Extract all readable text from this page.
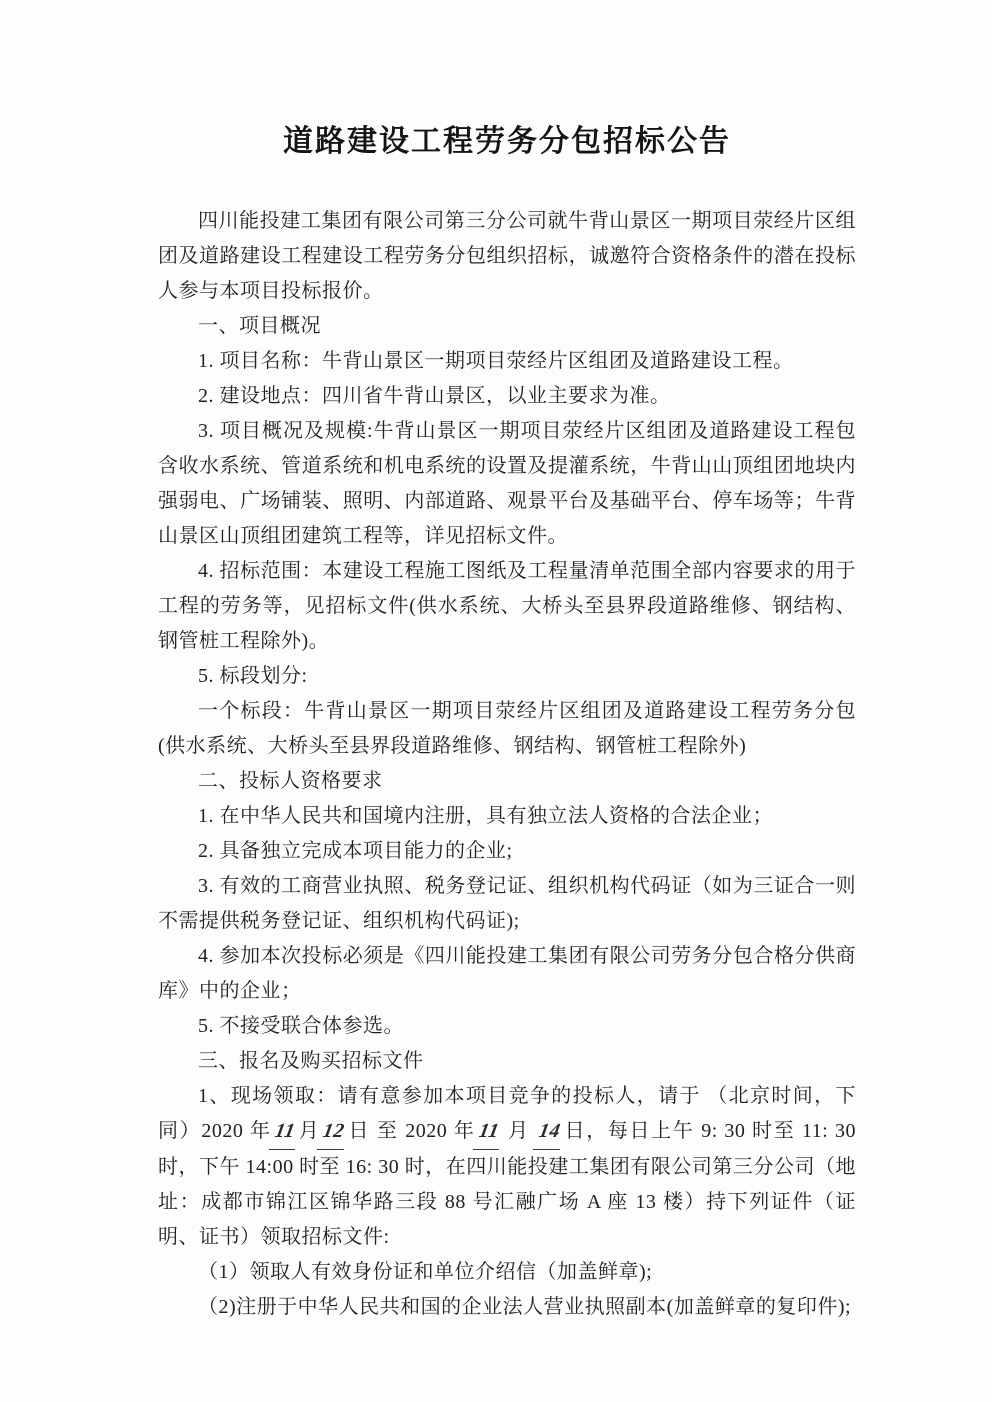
道路建设工程劳务分包招标公告

四川能投建工集团有限公司第三分公司就牛背山景区一期项目荥经片区组团及道路建设工程建设工程劳务分包组织招标，诚邀符合资格条件的潜在投标人参与本项目投标报价。

一、项目概况

1. 项目名称：牛背山景区一期项目荥经片区组团及道路建设工程。

2. 建设地点：四川省牛背山景区，以业主要求为准。

3. 项目概况及规模:牛背山景区一期项目荥经片区组团及道路建设工程包含收水系统、管道系统和机电系统的设置及提灌系统，牛背山山顶组团地块内强弱电、广场铺装、照明、内部道路、观景平台及基础平台、停车场等；牛背山景区山顶组团建筑工程等，详见招标文件。

4. 招标范围：本建设工程施工图纸及工程量清单范围全部内容要求的用于工程的劳务等，见招标文件(供水系统、大桥头至县界段道路维修、钢结构、钢管桩工程除外)。

5. 标段划分:

一个标段：牛背山景区一期项目荥经片区组团及道路建设工程劳务分包(供水系统、大桥头至县界段道路维修、钢结构、钢管桩工程除外)

二、投标人资格要求

1. 在中华人民共和国境内注册，具有独立法人资格的合法企业；

2. 具备独立完成本项目能力的企业;

3. 有效的工商营业执照、税务登记证、组织机构代码证（如为三证合一则不需提供税务登记证、组织机构代码证);

4. 参加本次投标必须是《四川能投建工集团有限公司劳务分包合格分供商库》中的企业；

5. 不接受联合体参选。

三、报名及购买招标文件

1、现场领取：请有意参加本项目竞争的投标人，请于 （北京时间，下同）2020 年11月12日 至 2020 年11 月 14日，每日上午 9: 30 时至 11: 30 时，下午 14:00 时至 16: 30 时，在四川能投建工集团有限公司第三分公司（地址：成都市锦江区锦华路三段 88 号汇融广场 A 座 13 楼）持下列证件（证明、证书）领取招标文件:

（1）领取人有效身份证和单位介绍信（加盖鲜章);

（2)注册于中华人民共和国的企业法人营业执照副本(加盖鲜章的复印件);
